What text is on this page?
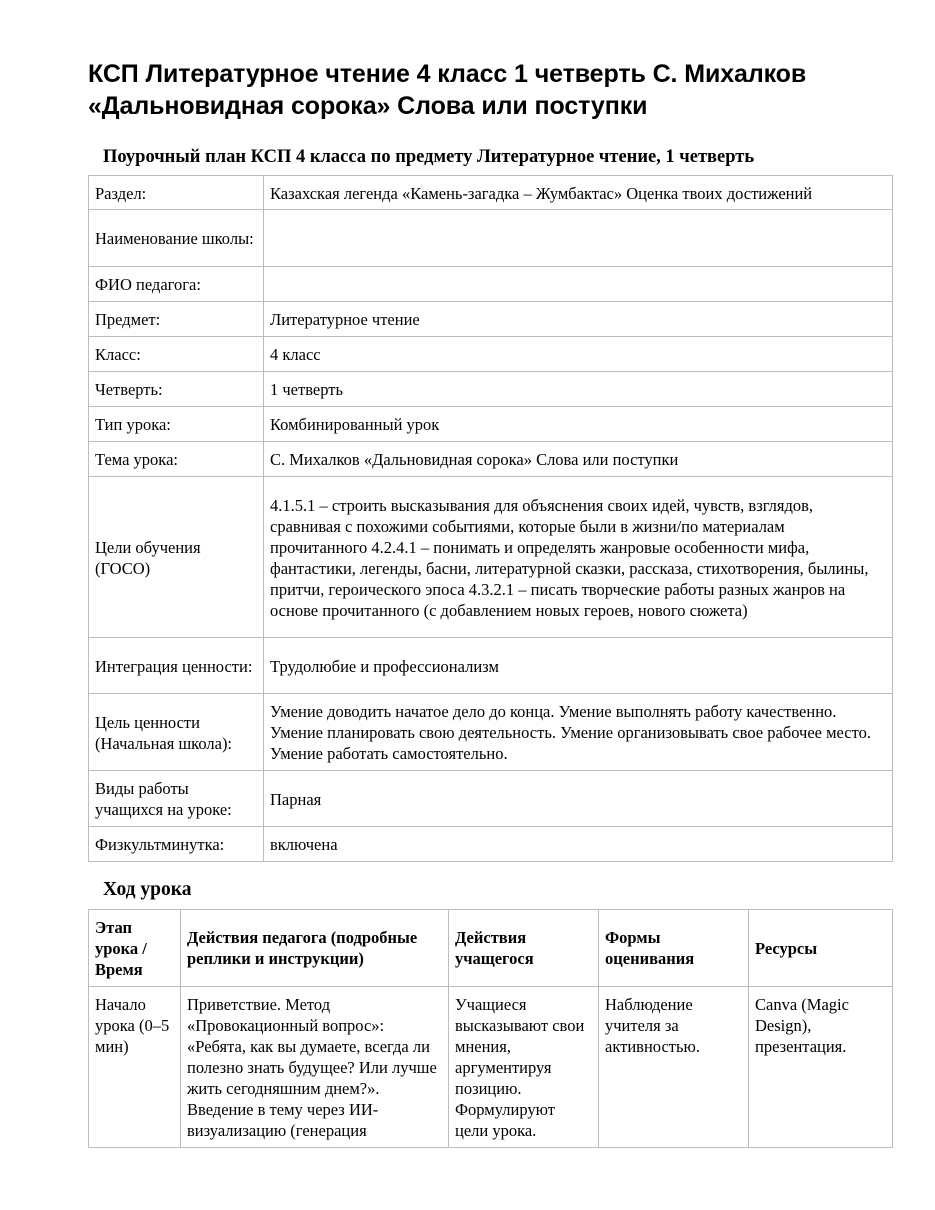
КСП Литературное чтение 4 класс 1 четверть С. Михалков «Дальновидная сорока» Слова или поступки
Поурочный план КСП 4 класса по предмету Литературное чтение, 1 четверть
Раздел:	Казахская легенда «Камень-загадка – Жумбактас» Оценка твоих достижений
Наименование школы:	
ФИО педагога:	
Предмет:	Литературное чтение
Класс:	4 класс
Четверть:	1 четверть
Тип урока:	Комбинированный урок
Тема урока:	С. Михалков «Дальновидная сорока» Слова или поступки
Цели обучения (ГОСО)	4.1.5.1 – строить высказывания для объяснения своих идей, чувств, взглядов, сравнивая с похожими событиями, которые были в жизни/по материалам прочитанного 4.2.4.1 – понимать и определять жанровые особенности мифа, фантастики, легенды, басни, литературной сказки, рассказа, стихотворения, былины, притчи, героического эпоса 4.3.2.1 – писать творческие работы разных жанров на основе прочитанного (с добавлением новых героев, нового сюжета)
Интеграция ценности:	Трудолюбие и профессионализм
Цель ценности (Начальная школа):	Умение доводить начатое дело до конца. Умение выполнять работу качественно. Умение планировать свою деятельность. Умение организовывать свое рабочее место. Умение работать самостоятельно.
Виды работы учащихся на уроке:	Парная
Физкультминутка:	включена
Ход урока
Этап урока / Время	Действия педагога (подробные реплики и инструкции)	Действия учащегося	Формы оценивания	Ресурсы
Начало урока (0–5 мин)	Приветствие. Метод «Провокационный вопрос»: «Ребята, как вы думаете, всегда ли полезно знать будущее? Или лучше жить сегодняшним днем?». Введение в тему через ИИ-визуализацию (генерация	Учащиеся высказывают свои мнения, аргументируя позицию. Формулируют цели урока.	Наблюдение учителя за активностью.	Canva (Magic Design), презентация.
